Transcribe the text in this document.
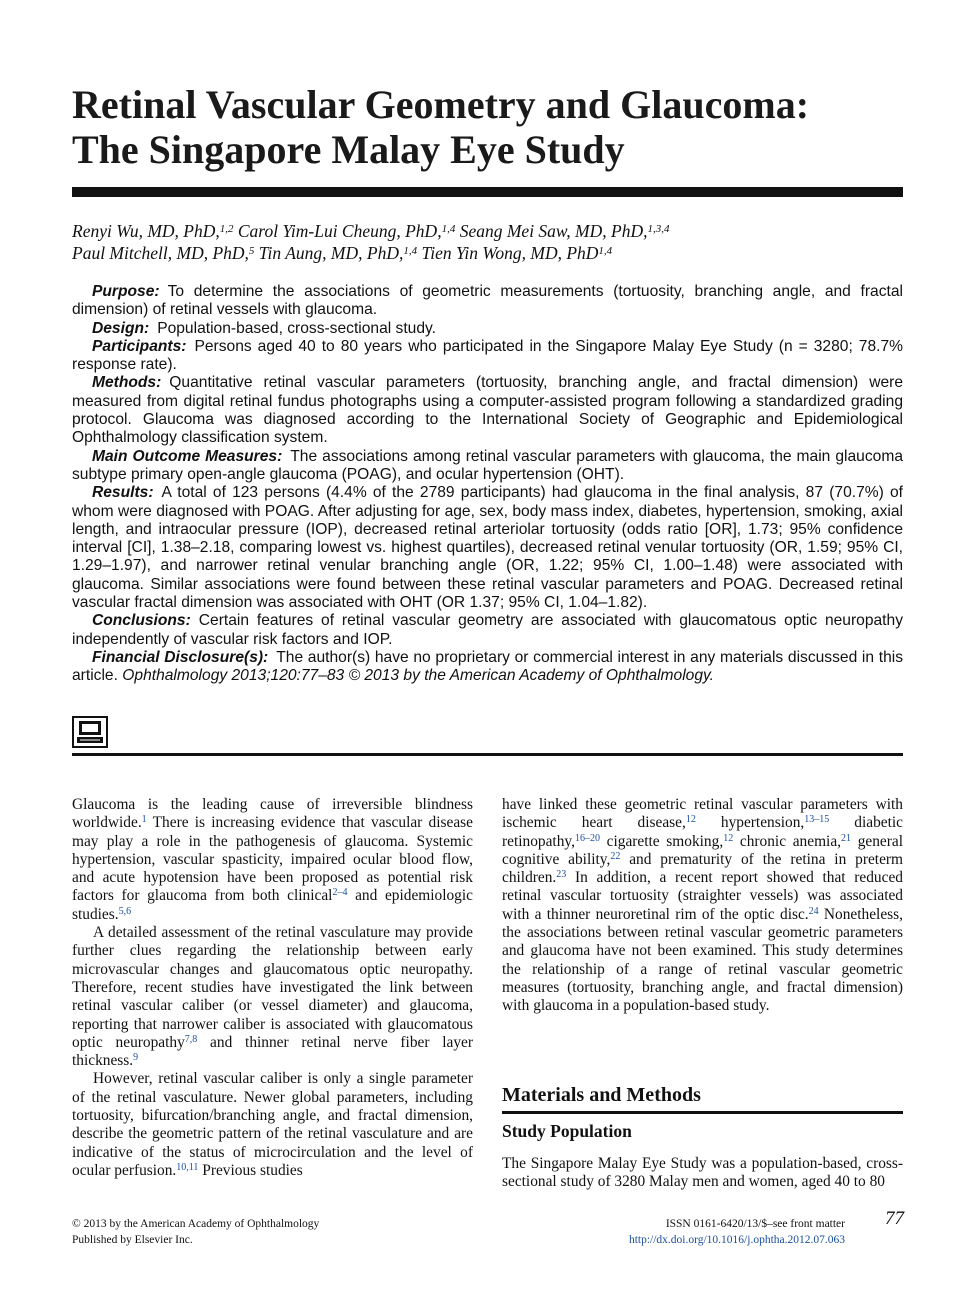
Retinal Vascular Geometry and Glaucoma:
The Singapore Malay Eye Study
Renyi Wu, MD, PhD,$^{1,2}$ Carol Yim-Lui Cheung, PhD,$^{1,4}$ Seang Mei Saw, MD, PhD,$^{1,3,4}$
Paul Mitchell, MD, PhD,$^5$ Tin Aung, MD, PhD,$^{1,4}$ Tien Yin Wong, MD, PhD$^{1,4}$

Purpose: To determine the associations of geometric measurements (tortuosity, branching angle, and fractal dimension) of retinal vessels with glaucoma.

Design: Population-based, cross-sectional study.

Participants: Persons aged 40 to 80 years who participated in the Singapore Malay Eye Study (n = 3280; 78.7% response rate).

Methods: Quantitative retinal vascular parameters (tortuosity, branching angle, and fractal dimension) were measured from digital retinal fundus photographs using a computer-assisted program following a standardized grading protocol. Glaucoma was diagnosed according to the International Society of Geographic and Epidemiological Ophthalmology classification system.

Main Outcome Measures: The associations among retinal vascular parameters with glaucoma, the main glaucoma subtype primary open-angle glaucoma (POAG), and ocular hypertension (OHT).

Results: A total of 123 persons (4.4% of the 2789 participants) had glaucoma in the final analysis, 87 (70.7%) of whom were diagnosed with POAG. After adjusting for age, sex, body mass index, diabetes, hypertension, smoking, axial length, and intraocular pressure (IOP), decreased retinal arteriolar tortuosity (odds ratio [OR], 1.73; 95% confidence interval [CI], 1.38–2.18, comparing lowest vs. highest quartiles), decreased retinal venular tortuosity (OR, 1.59; 95% CI, 1.29–1.97), and narrower retinal venular branching angle (OR, 1.22; 95% CI, 1.00–1.48) were associated with glaucoma. Similar associations were found between these retinal vascular parameters and POAG. Decreased retinal vascular fractal dimension was associated with OHT (OR 1.37; 95% CI, 1.04–1.82).

Conclusions: Certain features of retinal vascular geometry are associated with glaucomatous optic neuropathy independently of vascular risk factors and IOP.

Financial Disclosure(s): The author(s) have no proprietary or commercial interest in any materials discussed in this article. Ophthalmology 2013;120:77–83 © 2013 by the American Academy of Ophthalmology.

Glaucoma is the leading cause of irreversible blindness worldwide.$^1$ There is increasing evidence that vascular disease may play a role in the pathogenesis of glaucoma. Systemic hypertension, vascular spasticity, impaired ocular blood flow, and acute hypotension have been proposed as potential risk factors for glaucoma from both clinical$^{2-4}$ and epidemiologic studies.$^{5,6}$

A detailed assessment of the retinal vasculature may provide further clues regarding the relationship between early microvascular changes and glaucomatous optic neuropathy. Therefore, recent studies have investigated the link between retinal vascular caliber (or vessel diameter) and glaucoma, reporting that narrower caliber is associated with glaucomatous optic neuropathy$^{7,8}$ and thinner retinal nerve fiber layer thickness.$^9$

However, retinal vascular caliber is only a single parameter of the retinal vasculature. Newer global parameters, including tortuosity, bifurcation/branching angle, and fractal dimension, describe the geometric pattern of the retinal vasculature and are indicative of the status of microcirculation and the level of ocular perfusion.$^{10,11}$ Previous studies

have linked these geometric retinal vascular parameters with ischemic heart disease,$^{12}$ hypertension,$^{13-15}$ diabetic retinopathy,$^{16-20}$ cigarette smoking,$^{12}$ chronic anemia,$^{21}$ general cognitive ability,$^{22}$ and prematurity of the retina in preterm children.$^{23}$ In addition, a recent report showed that reduced retinal vascular tortuosity (straighter vessels) was associated with a thinner neuroretinal rim of the optic disc.$^{24}$ Nonetheless, the associations between retinal vascular geometric parameters and glaucoma have not been examined. This study determines the relationship of a range of retinal vascular geometric measures (tortuosity, branching angle, and fractal dimension) with glaucoma in a population-based study.

Materials and Methods
Study Population

The Singapore Malay Eye Study was a population-based, cross-sectional study of 3280 Malay men and women, aged 40 to 80

© 2013 by the American Academy of Ophthalmology
Published by Elsevier Inc.
ISSN 0161-6420/13/$–see front matter
http://dx.doi.org/10.1016/j.ophtha.2012.07.063
77
